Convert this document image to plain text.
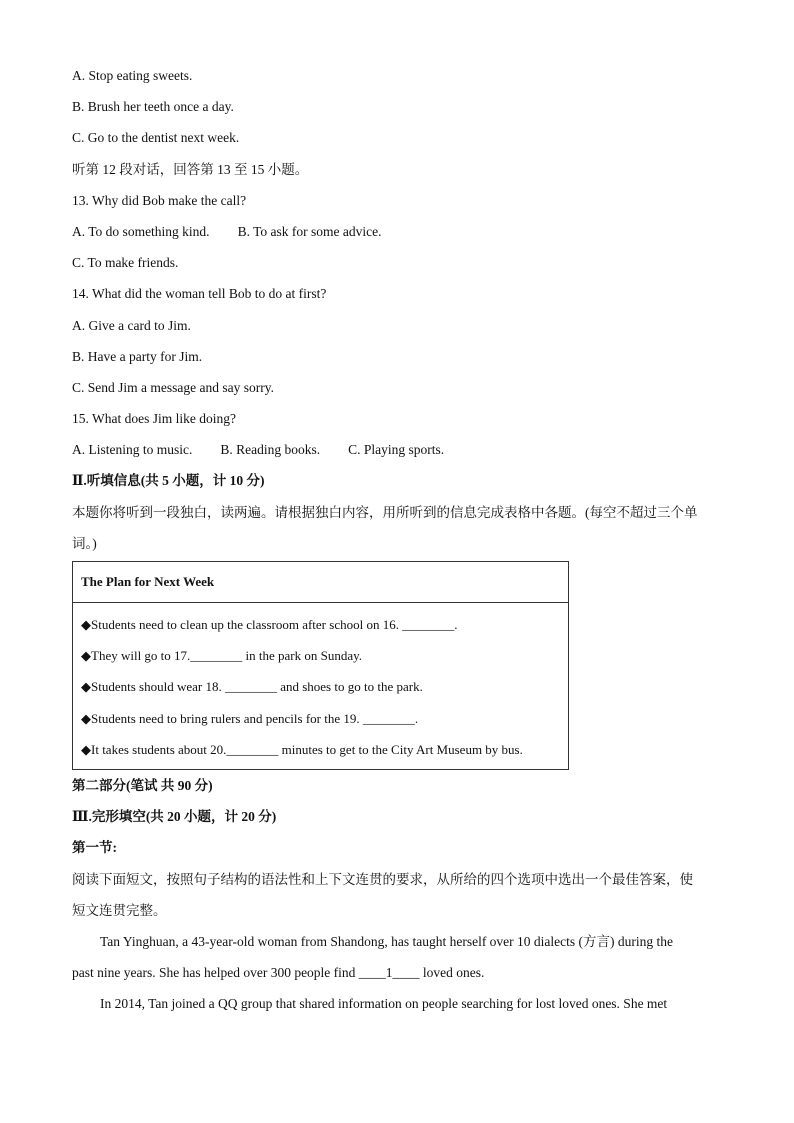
A. Stop eating sweets.
B. Brush her teeth once a day.
C. Go to the dentist next week.
听第 12 段对话，回答第 13 至 15 小题。
13. Why did Bob make the call?
A. To do something kind. B. To ask for some advice.
C. To make friends.
14. What did the woman tell Bob to do at first?
A. Give a card to Jim.
B. Have a party for Jim.
C. Send Jim a message and say sorry.
15. What does Jim like doing?
A. Listening to music. B. Reading books. C. Playing sports.
Ⅱ.听填信息(共 5 小题，计 10 分)
本题你将听到一段独白，读两遍。请根据独白内容，用所听到的信息完成表格中各题。(每空不超过三个单
词。)
The Plan for Next Week

◆Students need to clean up the classroom after school on 16. ________.
◆They will go to 17.________ in the park on Sunday.
◆Students should wear 18. ________ and shoes to go to the park.
◆Students need to bring rulers and pencils for the 19. ________.
◆It takes students about 20.________ minutes to get to the City Art Museum by bus.
第二部分(笔试 共 90 分)
Ⅲ.完形填空(共 20 小题，计 20 分)
第一节:
阅读下面短文，按照句子结构的语法性和上下文连贯的要求，从所给的四个选项中选出一个最佳答案，使
短文连贯完整。
Tan Yinghuan, a 43-year-old woman from Shandong, has taught herself over 10 dialects (方言) during the
past nine years. She has helped over 300 people find ____1____ loved ones.
In 2014, Tan joined a QQ group that shared information on people searching for lost loved ones. She met
